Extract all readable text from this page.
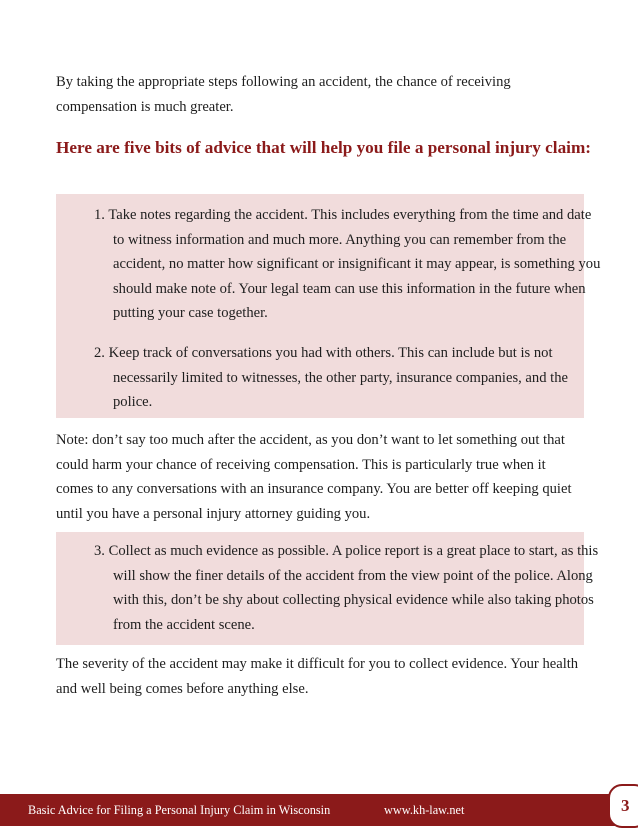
By taking the appropriate steps following an accident, the chance of receiving compensation is much greater.

Here are five bits of advice that will help you file a personal injury claim:

1. Take notes regarding the accident. This includes everything from the time and date to witness information and much more. Anything you can remember from the accident, no matter how significant or insignificant it may appear, is something you should make note of. Your legal team can use this information in the future when putting your case together.

2. Keep track of conversations you had with others. This can include but is not necessarily limited to witnesses, the other party, insurance companies, and the police.

Note: don’t say too much after the accident, as you don’t want to let something out that could harm your chance of receiving compensation. This is particularly true when it comes to any conversations with an insurance company. You are better off keeping quiet until you have a personal injury attorney guiding you.

3. Collect as much evidence as possible. A police report is a great place to start, as this will show the finer details of the accident from the view point of the police. Along with this, don’t be shy about collecting physical evidence while also taking photos from the accident scene.

The severity of the accident may make it difficult for you to collect evidence. Your health and well being comes before anything else.

Basic Advice for Filing a Personal Injury Claim in Wisconsin	www.kh-law.net	3
